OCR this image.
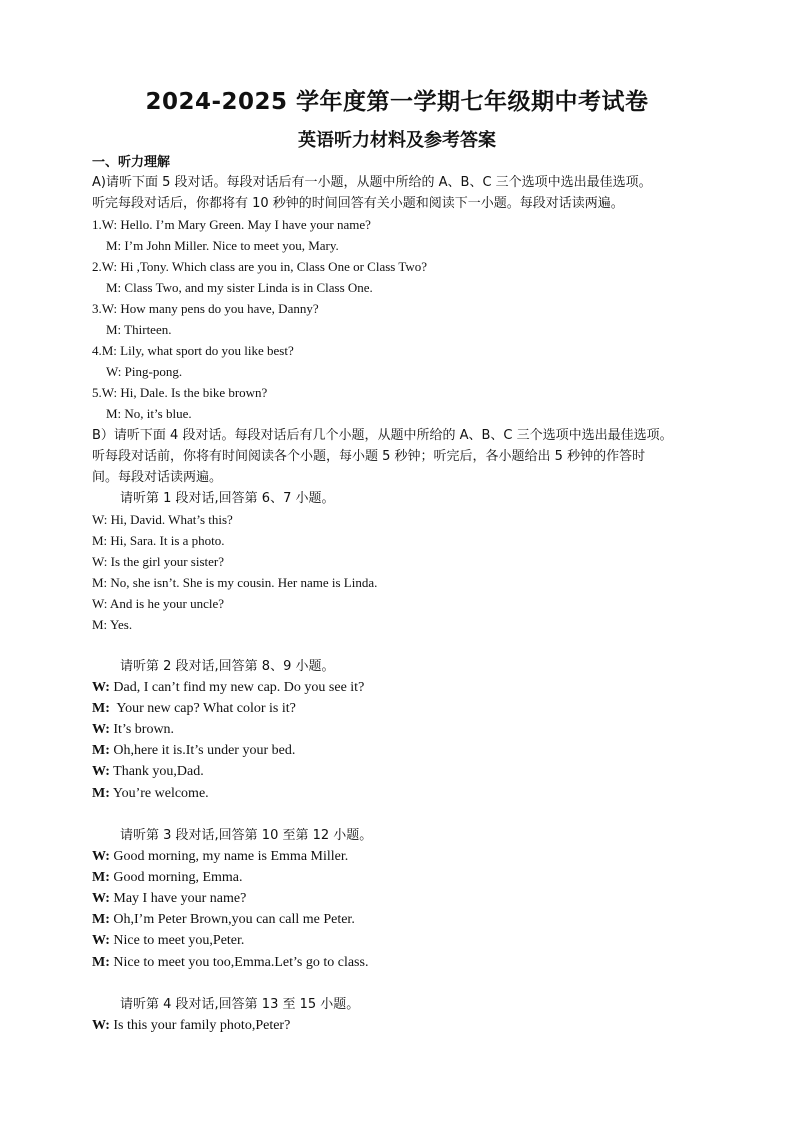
2024-2025 学年度第一学期七年级期中考试卷
英语听力材料及参考答案
一、听力理解
A)请听下面 5 段对话。每段对话后有一小题，从题中所给的 A、B、C 三个选项中选出最佳选项。
听完每段对话后，你都将有 10 秒钟的时间回答有关小题和阅读下一小题。每段对话读两遍。
1.W: Hello. I’m Mary Green. May I have your name?
M: I’m John Miller. Nice to meet you, Mary.
2.W: Hi ,Tony. Which class are you in, Class One or Class Two?
M: Class Two, and my sister Linda is in Class One.
3.W: How many pens do you have, Danny?
M: Thirteen.
4.M: Lily, what sport do you like best?
W: Ping-pong.
5.W: Hi, Dale. Is the bike brown?
M: No, it’s blue.
B）请听下面 4 段对话。每段对话后有几个小题，从题中所给的 A、B、C 三个选项中选出最佳选项。
听每段对话前，你将有时间阅读各个小题，每小题 5 秒钟；听完后，各小题给出 5 秒钟的作答时
间。每段对话读两遍。
请听第 1 段对话,回答第 6、7 小题。
W: Hi, David. What’s this?
M: Hi, Sara. It is a photo.
W: Is the girl your sister?
M: No, she isn’t. She is my cousin. Her name is Linda.
W: And is he your uncle?
M: Yes.
请听第 2 段对话,回答第 8、9 小题。
W: Dad, I can’t find my new cap. Do you see it?
M: Your new cap? What color is it?
W: It’s brown.
M: Oh,here it is.It’s under your bed.
W: Thank you,Dad.
M: You’re welcome.
请听第 3 段对话,回答第 10 至第 12 小题。
W: Good morning, my name is Emma Miller.
M: Good morning, Emma.
W: May I have your name?
M: Oh,I’m Peter Brown,you can call me Peter.
W: Nice to meet you,Peter.
M: Nice to meet you too,Emma.Let’s go to class.
请听第 4 段对话,回答第 13 至 15 小题。
W: Is this your family photo,Peter?
